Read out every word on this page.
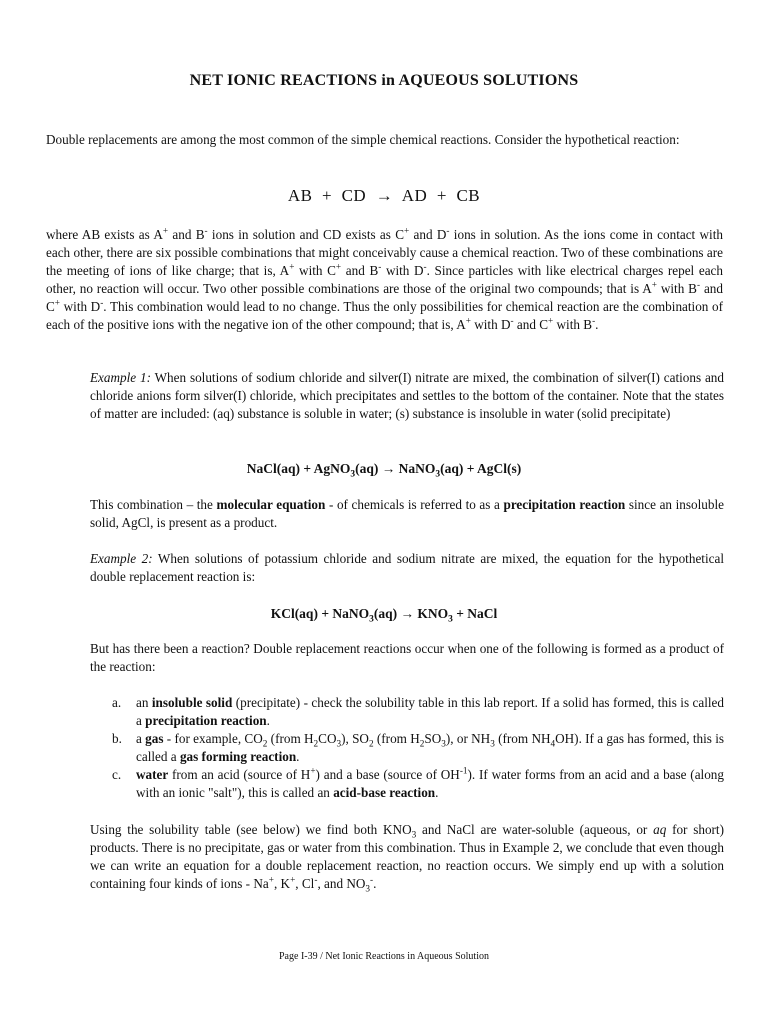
NET IONIC REACTIONS in AQUEOUS SOLUTIONS

Double replacements are among the most common of the simple chemical reactions. Consider the hypothetical reaction:

AB + CD → AD + CB

where AB exists as A+ and B- ions in solution and CD exists as C+ and D- ions in solution. As the ions come in contact with each other, there are six possible combinations that might conceivably cause a chemical reaction. Two of these combinations are the meeting of ions of like charge; that is, A+ with C+ and B- with D-. Since particles with like electrical charges repel each other, no reaction will occur. Two other possible combinations are those of the original two compounds; that is A+ with B- and C+ with D-. This combination would lead to no change. Thus the only possibilities for chemical reaction are the combination of each of the positive ions with the negative ion of the other compound; that is, A+ with D- and C+ with B-.

Example 1: When solutions of sodium chloride and silver(I) nitrate are mixed, the combination of silver(I) cations and chloride anions form silver(I) chloride, which precipitates and settles to the bottom of the container. Note that the states of matter are included: (aq) substance is soluble in water; (s) substance is insoluble in water (solid precipitate)

NaCl(aq) + AgNO$_3$(aq) → NaNO$_3$(aq) + AgCl(s)

This combination – the molecular equation - of chemicals is referred to as a precipitation reaction since an insoluble solid, AgCl, is present as a product.

Example 2: When solutions of potassium chloride and sodium nitrate are mixed, the equation for the hypothetical double replacement reaction is:

KCl(aq) + NaNO$_3$(aq) → $KNO_3$ + NaCl

But has there been a reaction? Double replacement reactions occur when one of the following is formed as a product of the reaction:

a. an insoluble solid (precipitate) - check the solubility table in this lab report. If a solid has formed, this is called a precipitation reaction.

b. a gas - for example, $CO_2$ (from $H_2CO_3$), $SO_2$ (from $H_2SO_3$), or $NH_3$ (from $NH_4OH$). If a gas has formed, this is called a gas forming reaction.

c. water from an acid (source of H+) and a base (source of $OH^{-1}$). If water forms from an acid and a base (along with an ionic "salt"), this is called an acid-base reaction.

Using the solubility table (see below) we find both $KNO_3$ and NaCl are water-soluble (aqueous, or aq for short) products. There is no precipitate, gas or water from this combination. Thus in Example 2, we conclude that even though we can write an equation for a double replacement reaction, no reaction occurs. We simply end up with a solution containing four kinds of ions - Na+, K+, Cl-, and $NO_3^-$.

Page I-39 / Net Ionic Reactions in Aqueous Solution
